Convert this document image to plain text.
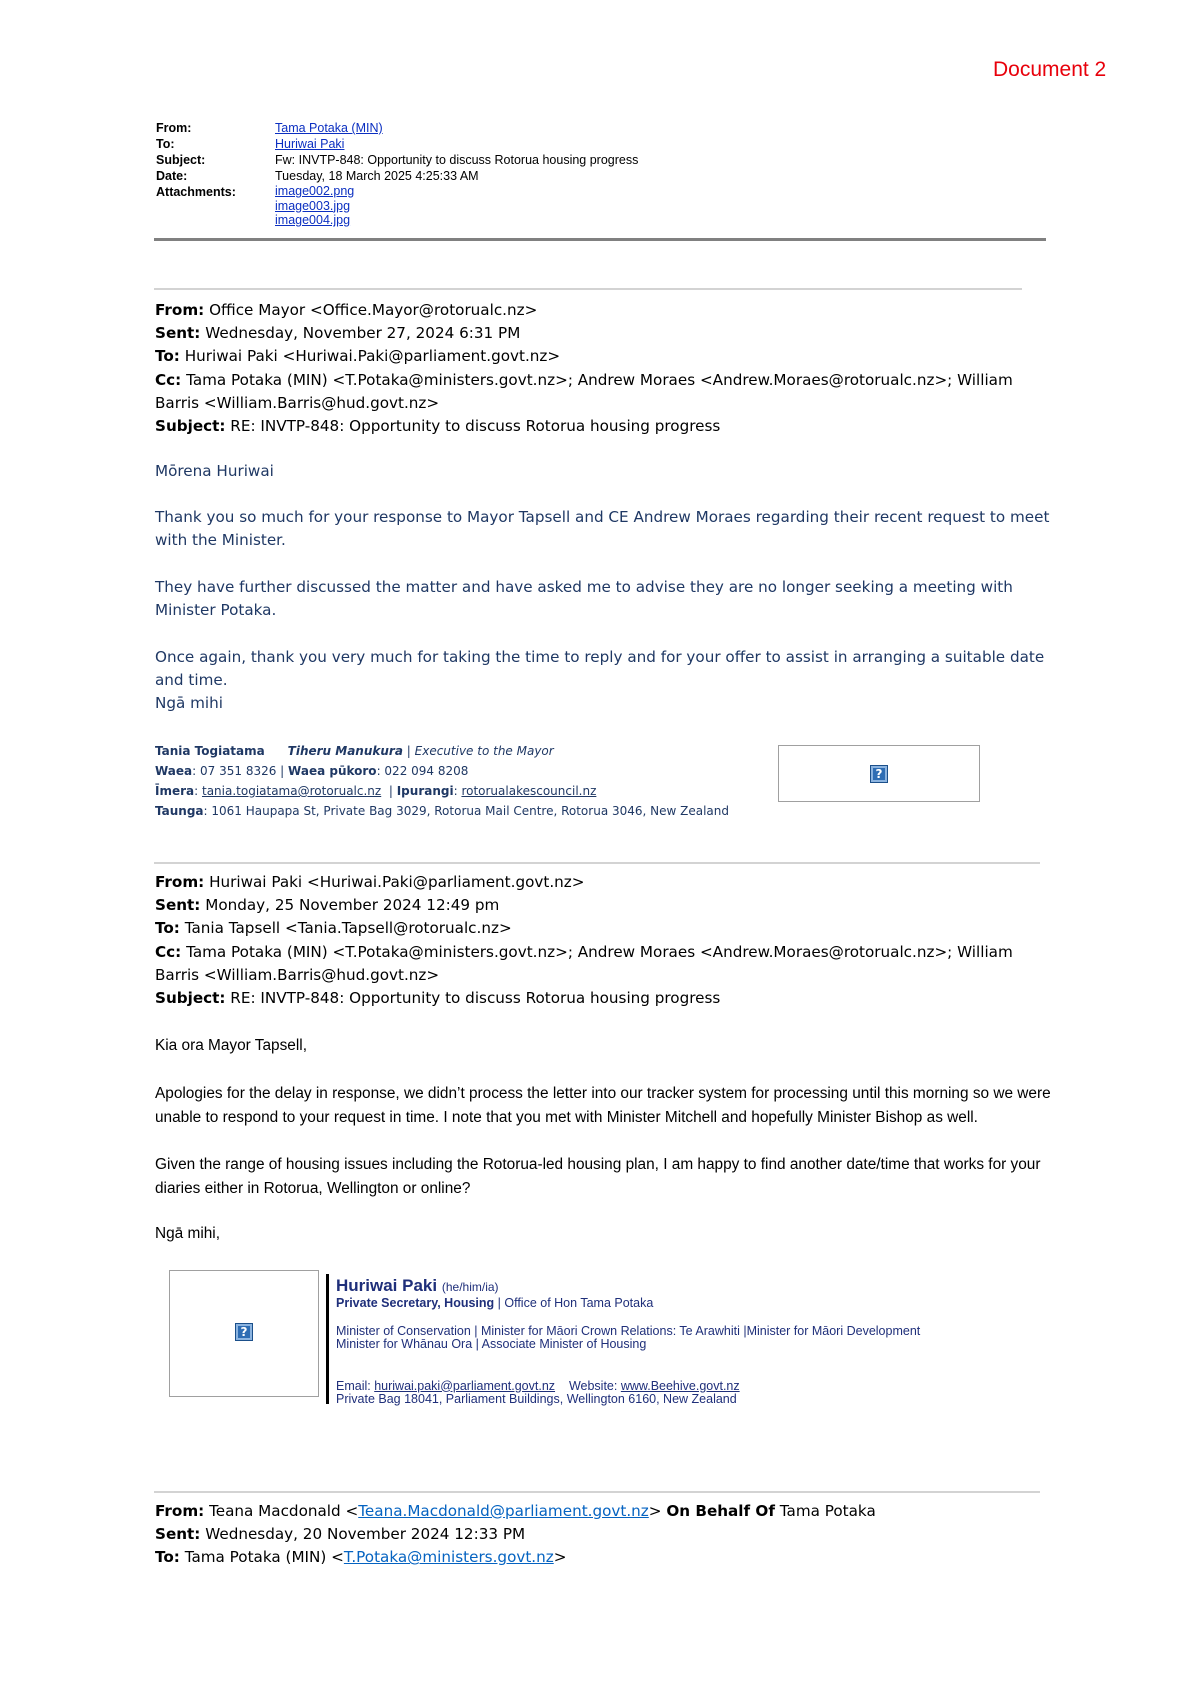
Document 2
From:	Tama Potaka (MIN)
To:	Huriwai Paki
Subject:	Fw: INVTP-848: Opportunity to discuss Rotorua housing progress
Date:	Tuesday, 18 March 2025 4:25:33 AM
Attachments:	image002.png
image003.jpg
image004.jpg
From: Office Mayor <Office.Mayor@rotorualc.nz>
Sent: Wednesday, November 27, 2024 6:31 PM
To: Huriwai Paki <Huriwai.Paki@parliament.govt.nz>
Cc: Tama Potaka (MIN) <T.Potaka@ministers.govt.nz>; Andrew Moraes <Andrew.Moraes@rotorualc.nz>; William Barris <William.Barris@hud.govt.nz>
Subject: RE: INVTP-848: Opportunity to discuss Rotorua housing progress
Mōrena Huriwai
Thank you so much for your response to Mayor Tapsell and CE Andrew Moraes regarding their recent request to meet with the Minister.
They have further discussed the matter and have asked me to advise they are no longer seeking a meeting with Minister Potaka.
Once again, thank you very much for taking the time to reply and for your offer to assist in arranging a suitable date and time.
Ngā mihi
Tania Togiatama Tiheru Manukura | Executive to the Mayor
Waea: 07 351 8326 | Waea pūkoro: 022 094 8208
Īmera: tania.togiatama@rotorualc.nz  | Ipurangi: rotorualakescouncil.nz
Taunga: 1061 Haupapa St, Private Bag 3029, Rotorua Mail Centre, Rotorua 3046, New Zealand
?
From: Huriwai Paki <Huriwai.Paki@parliament.govt.nz>
Sent: Monday, 25 November 2024 12:49 pm
To: Tania Tapsell <Tania.Tapsell@rotorualc.nz>
Cc: Tama Potaka (MIN) <T.Potaka@ministers.govt.nz>; Andrew Moraes <Andrew.Moraes@rotorualc.nz>; William Barris <William.Barris@hud.govt.nz>
Subject: RE: INVTP-848: Opportunity to discuss Rotorua housing progress
Kia ora Mayor Tapsell,
Apologies for the delay in response, we didn’t process the letter into our tracker system for processing until this morning so we were unable to respond to your request in time. I note that you met with Minister Mitchell and hopefully Minister Bishop as well.
Given the range of housing issues including the Rotorua-led housing plan, I am happy to find another date/time that works for your diaries either in Rotorua, Wellington or online?
Ngā mihi,
?
Huriwai Paki (he/him/ia)
Private Secretary, Housing | Office of Hon Tama Potaka
Minister of Conservation | Minister for Māori Crown Relations: Te Arawhiti |Minister for Māori Development
Minister for Whānau Ora | Associate Minister of Housing
Email: huriwai.paki@parliament.govt.nz Website: www.Beehive.govt.nz
Private Bag 18041, Parliament Buildings, Wellington 6160, New Zealand
From: Teana Macdonald <Teana.Macdonald@parliament.govt.nz> On Behalf Of Tama Potaka
Sent: Wednesday, 20 November 2024 12:33 PM
To: Tama Potaka (MIN) <T.Potaka@ministers.govt.nz>
